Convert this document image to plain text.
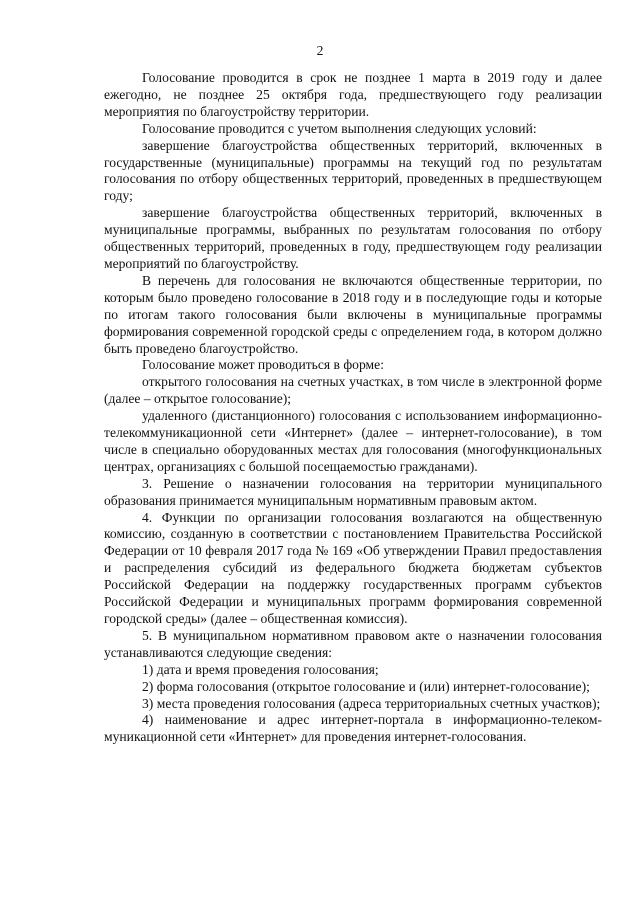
2

Голосование проводится в срок не позднее 1 марта в 2019 году и далее ежегодно, не позднее 25 октября года, предшествующего году реализации мероприятия по благоустройству территории.

Голосование проводится с учетом выполнения следующих условий:

завершение благоустройства общественных территорий, включенных в государственные (муниципальные) программы на текущий год по результатам голосования по отбору общественных территорий, проведенных в предшествующем году;

завершение благоустройства общественных территорий, включенных в муниципальные программы, выбранных по результатам голосования по отбору общественных территорий, проведенных в году, предшествующем году реализации мероприятий по благоустройству.

В перечень для голосования не включаются общественные территории, по которым было проведено голосование в 2018 году и в последующие годы и которые по итогам такого голосования были включены в муниципальные программы формирования современной городской среды с определением года, в котором должно быть проведено благоустройство.

Голосование может проводиться в форме:

открытого голосования на счетных участках, в том числе в электронной форме (далее – открытое голосование);

удаленного (дистанционного) голосования с использованием информационно-телекоммуникационной сети «Интернет» (далее – интернет-голосование), в том числе в специально оборудованных местах для голосования (многофункциональных центрах, организациях с большой посещаемостью гражданами).

3. Решение о назначении голосования на территории муниципального образования принимается муниципальным нормативным правовым актом.

4. Функции по организации голосования возлагаются на общественную комиссию, созданную в соответствии с постановлением Правительства Российской Федерации от 10 февраля 2017 года № 169 «Об утверждении Правил предоставления и распределения субсидий из федерального бюджета бюджетам субъектов Российской Федерации на поддержку государственных программ субъектов Российской Федерации и муниципальных программ формирования современной городской среды» (далее – общественная комиссия).

5. В муниципальном нормативном правовом акте о назначении голосования устанавливаются следующие сведения:

1) дата и время проведения голосования;

2) форма голосования (открытое голосование и (или) интернет-голосование);

3) места проведения голосования (адреса территориальных счетных участков);

4) наименование и адрес интернет-портала в информационно-телекоммуникационной сети «Интернет» для проведения интернет-голосования.
